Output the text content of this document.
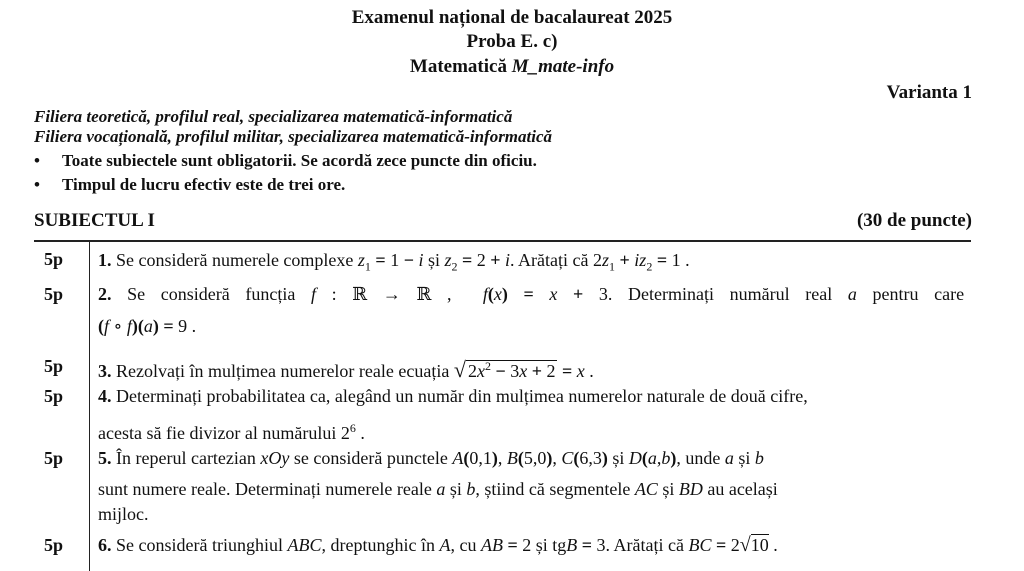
Examenul național de bacalaureat 2025
Proba E. c)
Matematică M_mate-info
Varianta 1
Filiera teoretică, profilul real, specializarea matematică-informatică
Filiera vocațională, profilul militar, specializarea matematică-informatică
• Toate subiectele sunt obligatorii. Se acordă zece puncte din oficiu.
• Timpul de lucru efectiv este de trei ore.
SUBIECTUL I	(30 de puncte)
5p 1. Se consideră numerele complexe $z_1 = 1 - i$ și $z_2 = 2 + i$. Arătați că $2z_1 + iz_2 = 1$ .
5p 2. Se consideră funcția f : ℝ → ℝ ,  f(x) = x + 3. Determinați numărul real a pentru care
(f ∘ f)(a) = 9 .
5p 3. Rezolvați în mulțimea numerelor reale ecuația √ $2x^2 - 3x + 2 = x$ .
5p 4. Determinați probabilitatea ca, alegând un număr din mulțimea numerelor naturale de două cifre,
acesta să fie divizor al numărului $2^6$ .
5p 5. În reperul cartezian xOy se consideră punctele A(0,1), B(5,0), C(6,3) și D(a,b), unde a și b
sunt numere reale. Determinați numerele reale a și b, știind că segmentele AC și BD au același
mijloc.
5p 6. Se consideră triunghiul ABC, dreptunghic în A, cu AB = 2 și tgB = 3. Arătați că BC = 2√10 .
